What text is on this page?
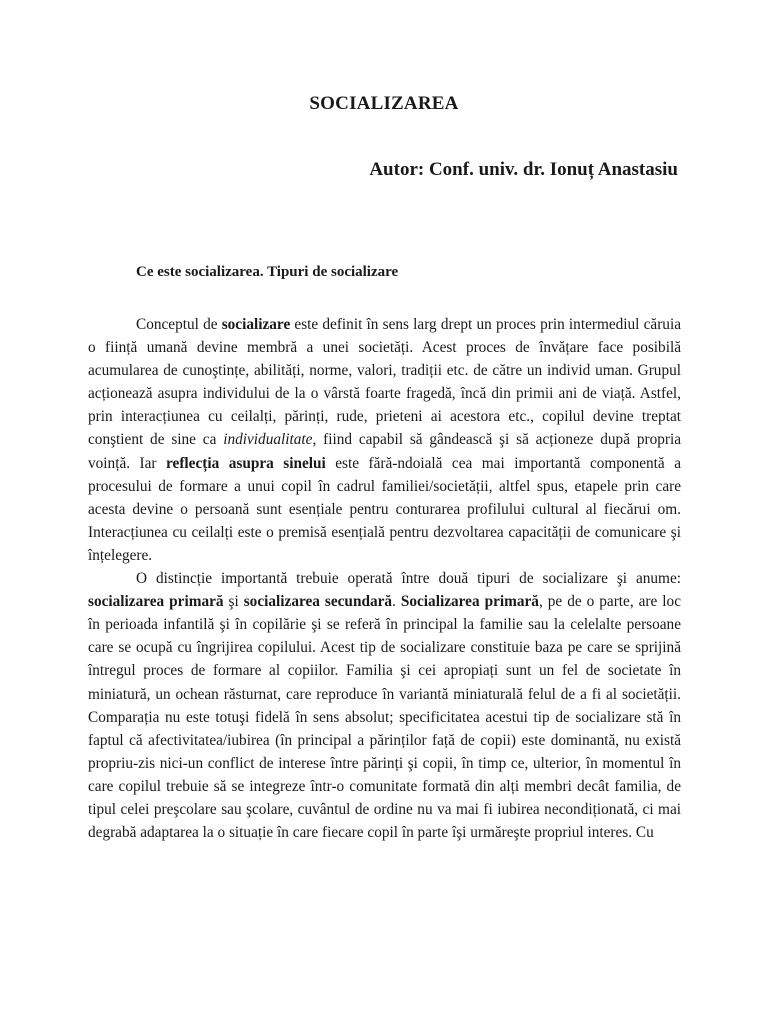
SOCIALIZAREA
Autor: Conf. univ. dr. Ionuț Anastasiu
Ce este socializarea. Tipuri de socializare

Conceptul de socializare este definit în sens larg drept un proces prin intermediul căruia o ființă umană devine membră a unei societăți. Acest proces de învățare face posibilă acumularea de cunoştințe, abilități, norme, valori, tradiții etc. de către un individ uman. Grupul acționează asupra individului de la o vârstă foarte fragedă, încă din primii ani de viață. Astfel, prin interacțiunea cu ceilalți, părinți, rude, prieteni ai acestora etc., copilul devine treptat conştient de sine ca individualitate, fiind capabil să gândească şi să acționeze după propria voință. Iar reflecția asupra sinelui este fără-ndoială cea mai importantă componentă a procesului de formare a unui copil în cadrul familiei/societății, altfel spus, etapele prin care acesta devine o persoană sunt esențiale pentru conturarea profilului cultural al fiecărui om. Interacțiunea cu ceilalți este o premisă esențială pentru dezvoltarea capacității de comunicare şi înțelegere.

O distincție importantă trebuie operată între două tipuri de socializare şi anume: socializarea primară şi socializarea secundară. Socializarea primară, pe de o parte, are loc în perioada infantilă şi în copilărie şi se referă în principal la familie sau la celelalte persoane care se ocupă cu îngrijirea copilului. Acest tip de socializare constituie baza pe care se sprijină întregul proces de formare al copiilor. Familia şi cei apropiați sunt un fel de societate în miniatură, un ochean răsturnat, care reproduce în variantă miniaturală felul de a fi al societății. Comparația nu este totuşi fidelă în sens absolut; specificitatea acestui tip de socializare stă în faptul că afectivitatea/iubirea (în principal a părinților față de copii) este dominantă, nu există propriu-zis nici-un conflict de interese între părinți şi copii, în timp ce, ulterior, în momentul în care copilul trebuie să se integreze într-o comunitate formată din alți membri decât familia, de tipul celei preşcolare sau şcolare, cuvântul de ordine nu va mai fi iubirea necondiționată, ci mai degrabă adaptarea la o situație în care fiecare copil în parte îşi urmăreşte propriul interes. Cu
